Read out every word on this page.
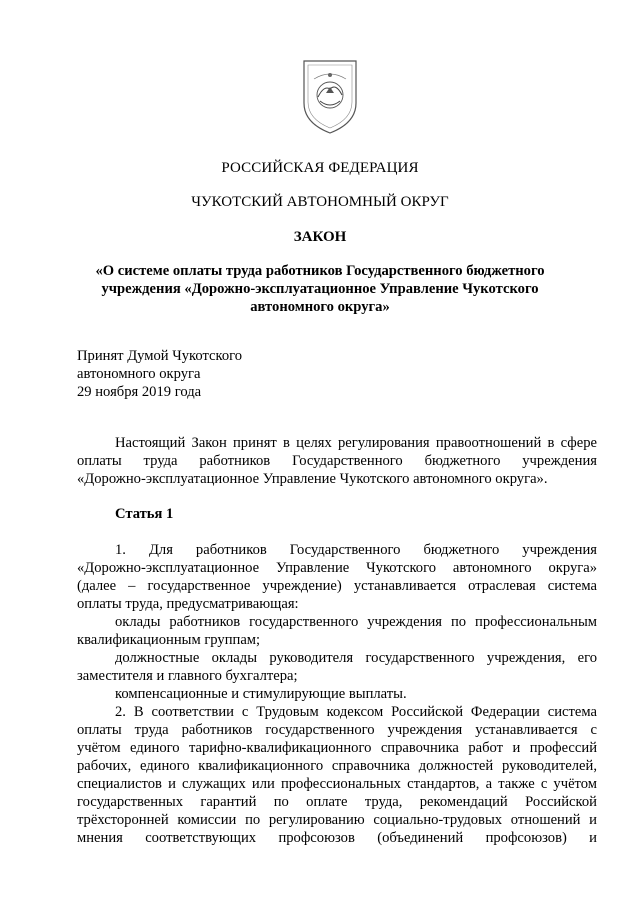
РОССИЙСКАЯ ФЕДЕРАЦИЯ
ЧУКОТСКИЙ АВТОНОМНЫЙ ОКРУГ
ЗАКОН
«О системе оплаты труда работников Государственного бюджетного
учреждения «Дорожно-эксплуатационное Управление Чукотского
автономного округа»
Принят Думой Чукотского
автономного округа
29 ноября 2019 года
Настоящий Закон принят в целях регулирования правоотношений в сфере
оплаты труда работников Государственного бюджетного учреждения
«Дорожно-эксплуатационное Управление Чукотского автономного округа».
Статья 1
1. Для работников Государственного бюджетного учреждения
«Дорожно-эксплуатационное Управление Чукотского автономного округа»
(далее – государственное учреждение) устанавливается отраслевая система
оплаты труда, предусматривающая:
оклады работников государственного учреждения по профессиональным
квалификационным группам;
должностные оклады руководителя государственного учреждения, его
заместителя и главного бухгалтера;
компенсационные и стимулирующие выплаты.
2. В соответствии с Трудовым кодексом Российской Федерации система
оплаты труда работников государственного учреждения устанавливается с
учётом единого тарифно-квалификационного справочника работ и профессий
рабочих, единого квалификационного справочника должностей руководителей,
специалистов и служащих или профессиональных стандартов, а также с учётом
государственных гарантий по оплате труда, рекомендаций Российской
трёхсторонней комиссии по регулированию социально-трудовых отношений и
мнения соответствующих профсоюзов (объединений профсоюзов) и
